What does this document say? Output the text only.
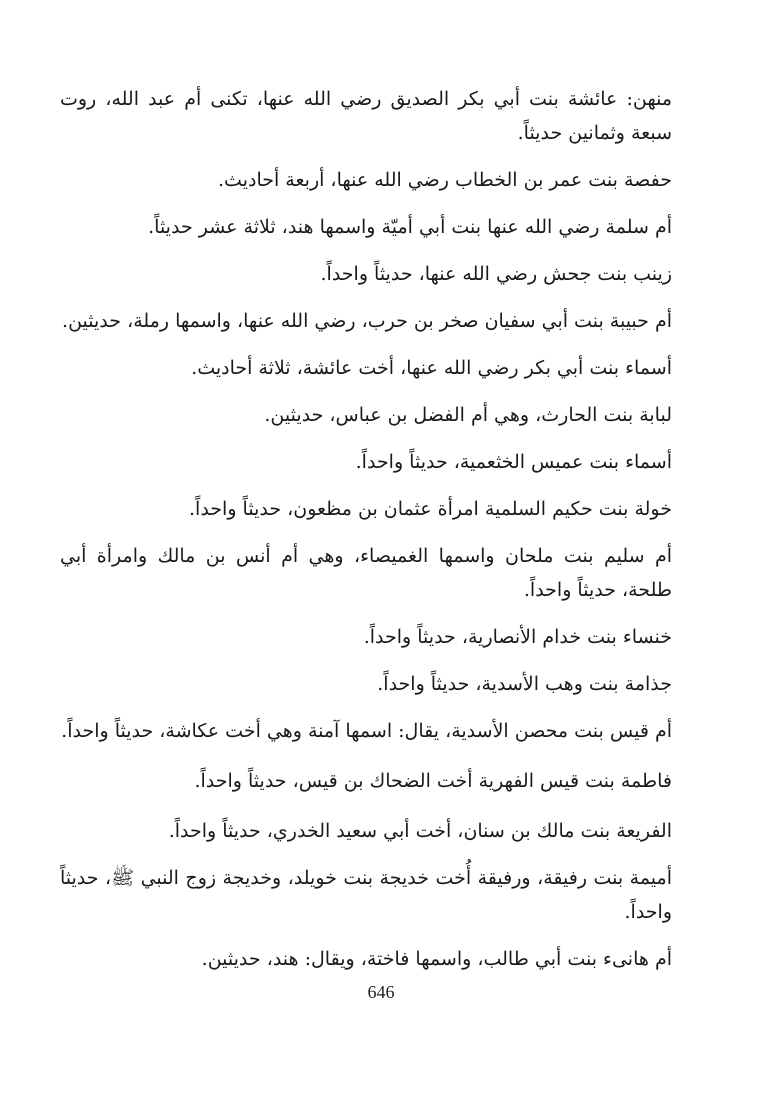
منهن: عائشة بنت أبي بكر الصديق رضي الله عنها، تكنى أم عبد الله، روت سبعة وثمانين حديثاً.

حفصة بنت عمر بن الخطاب رضي الله عنها، أربعة أحاديث.

أم سلمة رضي الله عنها بنت أبي أميّة واسمها هند، ثلاثة عشر حديثاً.

زينب بنت جحش رضي الله عنها، حديثاً واحداً.

أم حبيبة بنت أبي سفيان صخر بن حرب، رضي الله عنها، واسمها رملة، حديثين.

أسماء بنت أبي بكر رضي الله عنها، أخت عائشة، ثلاثة أحاديث.

لبابة بنت الحارث، وهي أم الفضل بن عباس، حديثين.

أسماء بنت عميس الخثعمية، حديثاً واحداً.

خولة بنت حكيم السلمية امرأة عثمان بن مظعون، حديثاً واحداً.

أم سليم بنت ملحان واسمها الغميصاء، وهي أم أنس بن مالك وامرأة أبي طلحة، حديثاً واحداً.

خنساء بنت خدام الأنصارية، حديثاً واحداً.

جذامة بنت وهب الأسدية، حديثاً واحداً.

أم قيس بنت محصن الأسدية، يقال: اسمها آمنة وهي أخت عكاشة، حديثاً واحداً.

فاطمة بنت قيس الفهرية أخت الضحاك بن قيس، حديثاً واحداً.

الفريعة بنت مالك بن سنان، أخت أبي سعيد الخدري، حديثاً واحداً.

أميمة بنت رفيقة، ورفيقة أُخت خديجة بنت خويلد، وخديجة زوج النبي ﷺ، حديثاً واحداً.

أم هانىء بنت أبي طالب، واسمها فاختة، ويقال: هند، حديثين.

646
